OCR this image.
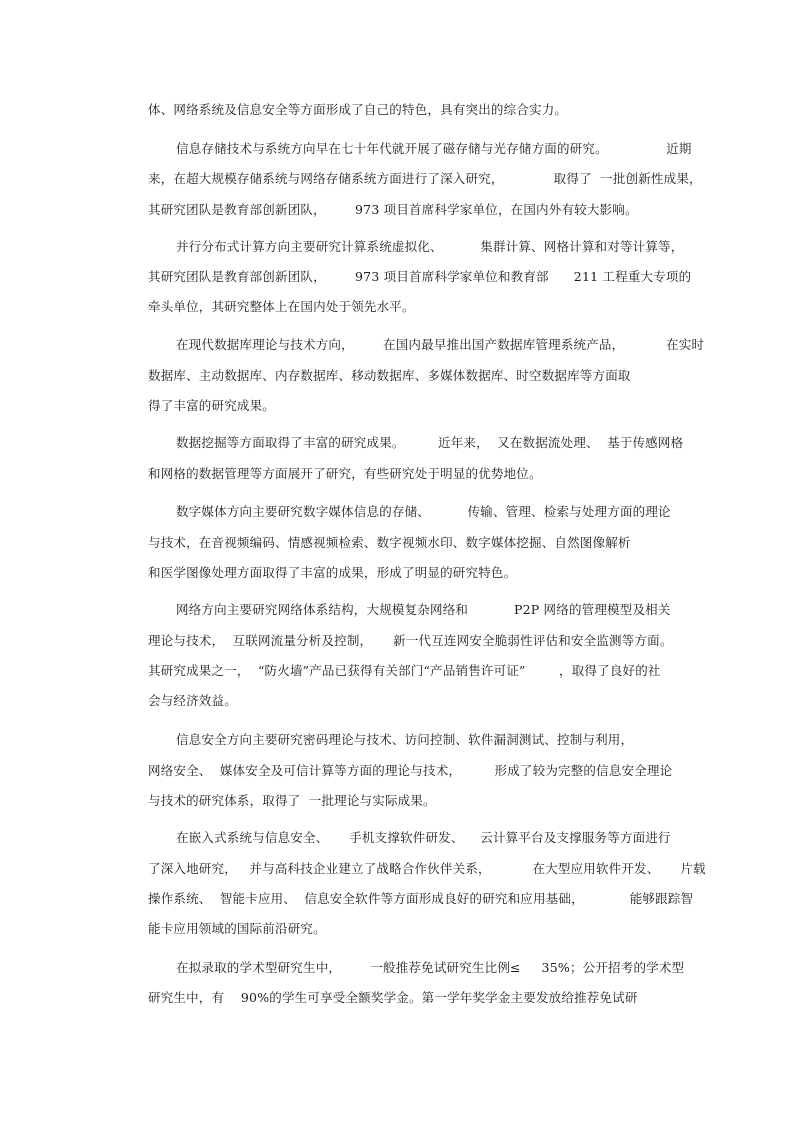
体、网络系统及信息安全等方面形成了自己的特色，具有突出的综合实力。
信息存储技术与系统方向早在七十年代就开展了磁存储与光存储方面的研究。              近期
来，在超大规模存储系统与网络存储系统方面进行了深入研究，            取得了  一批创新性成果，
其研究团队是教育部创新团队，       973 项目首席科学家单位，在国内外有较大影响。
并行分布式计算方向主要研究计算系统虚拟化、         集群计算、网格计算和对等计算等，
其研究团队是教育部创新团队，       973 项目首席科学家单位和教育部      211 工程重大专项的
牵头单位，其研究整体上在国内处于领先水平。
在现代数据库理论与技术方向，       在国内最早推出国产数据库管理系统产品，          在实时
数据库、主动数据库、内存数据库、移动数据库、多媒体数据库、时空数据库等方面取
得了丰富的研究成果。
数据挖掘等方面取得了丰富的研究成果。        近年来，  又在数据流处理、  基于传感网格
和网格的数据管理等方面展开了研究，有些研究处于明显的优势地位。
数字媒体方向主要研究数字媒体信息的存储、         传输、管理、检索与处理方面的理论
与技术，在音视频编码、情感视频检索、数字视频水印、数字媒体挖掘、自然图像解析
和医学图像处理方面取得了丰富的成果，形成了明显的研究特色。
网络方向主要研究网络体系结构，大规模复杂网络和           P2P 网络的管理模型及相关
理论与技术，  互联网流量分析及控制，     新一代互连网安全脆弱性评估和安全监测等方面。
其研究成果之一，  “防火墙”产品已获得有关部门“产品销售许可证”        ，取得了良好的社
会与经济效益。
信息安全方向主要研究密码理论与技术、访问控制、软件漏洞测试、控制与利用，
网络安全、  媒体安全及可信计算等方面的理论与技术，        形成了较为完整的信息安全理论
与技术的研究体系，取得了  一批理论与实际成果。
在嵌入式系统与信息安全、     手机支撑软件研发、    云计算平台及支撑服务等方面进行
了深入地研究，   并与高科技企业建立了战略合作伙伴关系，          在大型应用软件开发、     片载
操作系统、  智能卡应用、  信息安全软件等方面形成良好的研究和应用基础，           能够跟踪智
能卡应用领域的国际前沿研究。
在拟录取的学术型研究生中，       一般推荐免试研究生比例≤     35%；公开招考的学术型
研究生中，有    90%的学生可享受全额奖学金。第一学年奖学金主要发放给推荐免试研
